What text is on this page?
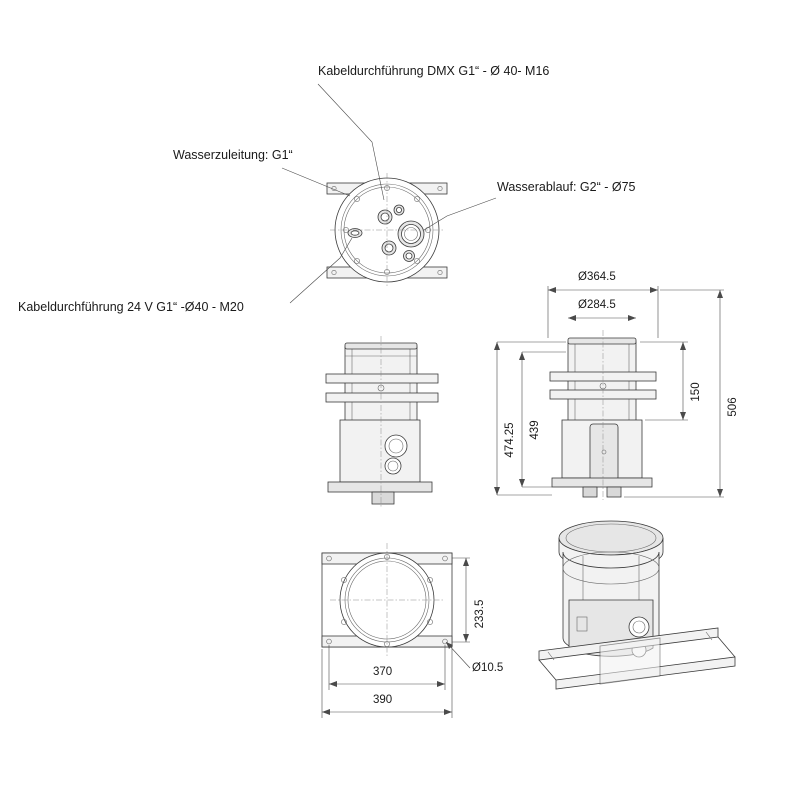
Kabeldurchführung DMX G1“ - Ø 40- M16
Wasserzuleitung: G1“
Wasserablauf: G2“ - Ø75
Kabeldurchführung 24 V G1“ -Ø40 - M20
Ø364.5
Ø284.5
150
474.25 439
506
233.5
370
390
Ø10.5
